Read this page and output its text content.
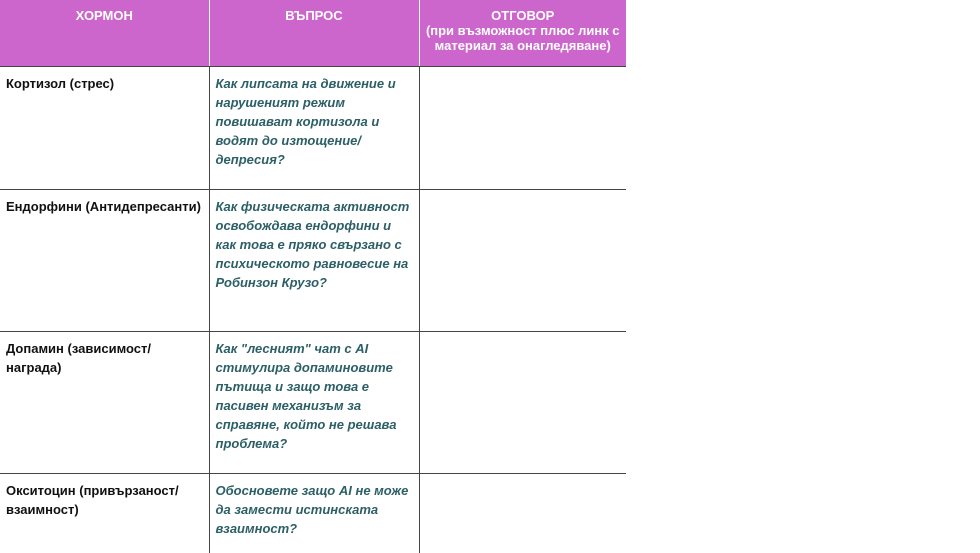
ХОРМОН	ВЪПРОС	ОТГОВОР
(при възможност плюс линк с материал за онагледяване)

Кортизол (стрес)	Как липсата на движение и нарушеният режим повишават кортизола и водят до изтощение/депресия?	
Ендорфини (Антидепресанти)	Как физическата активност освобождава ендорфини и как това е пряко свързано с психическото равновесие на Робинзон Крузо?	
Допамин (зависимост/награда)	Как "лесният" чат с AI стимулира допаминовите пътища и защо това е пасивен механизъм за справяне, който не решава проблема?	
Окситоцин (привързаност/взаимност)	Обосновете защо AI не може да замести истинската взаимност?	
